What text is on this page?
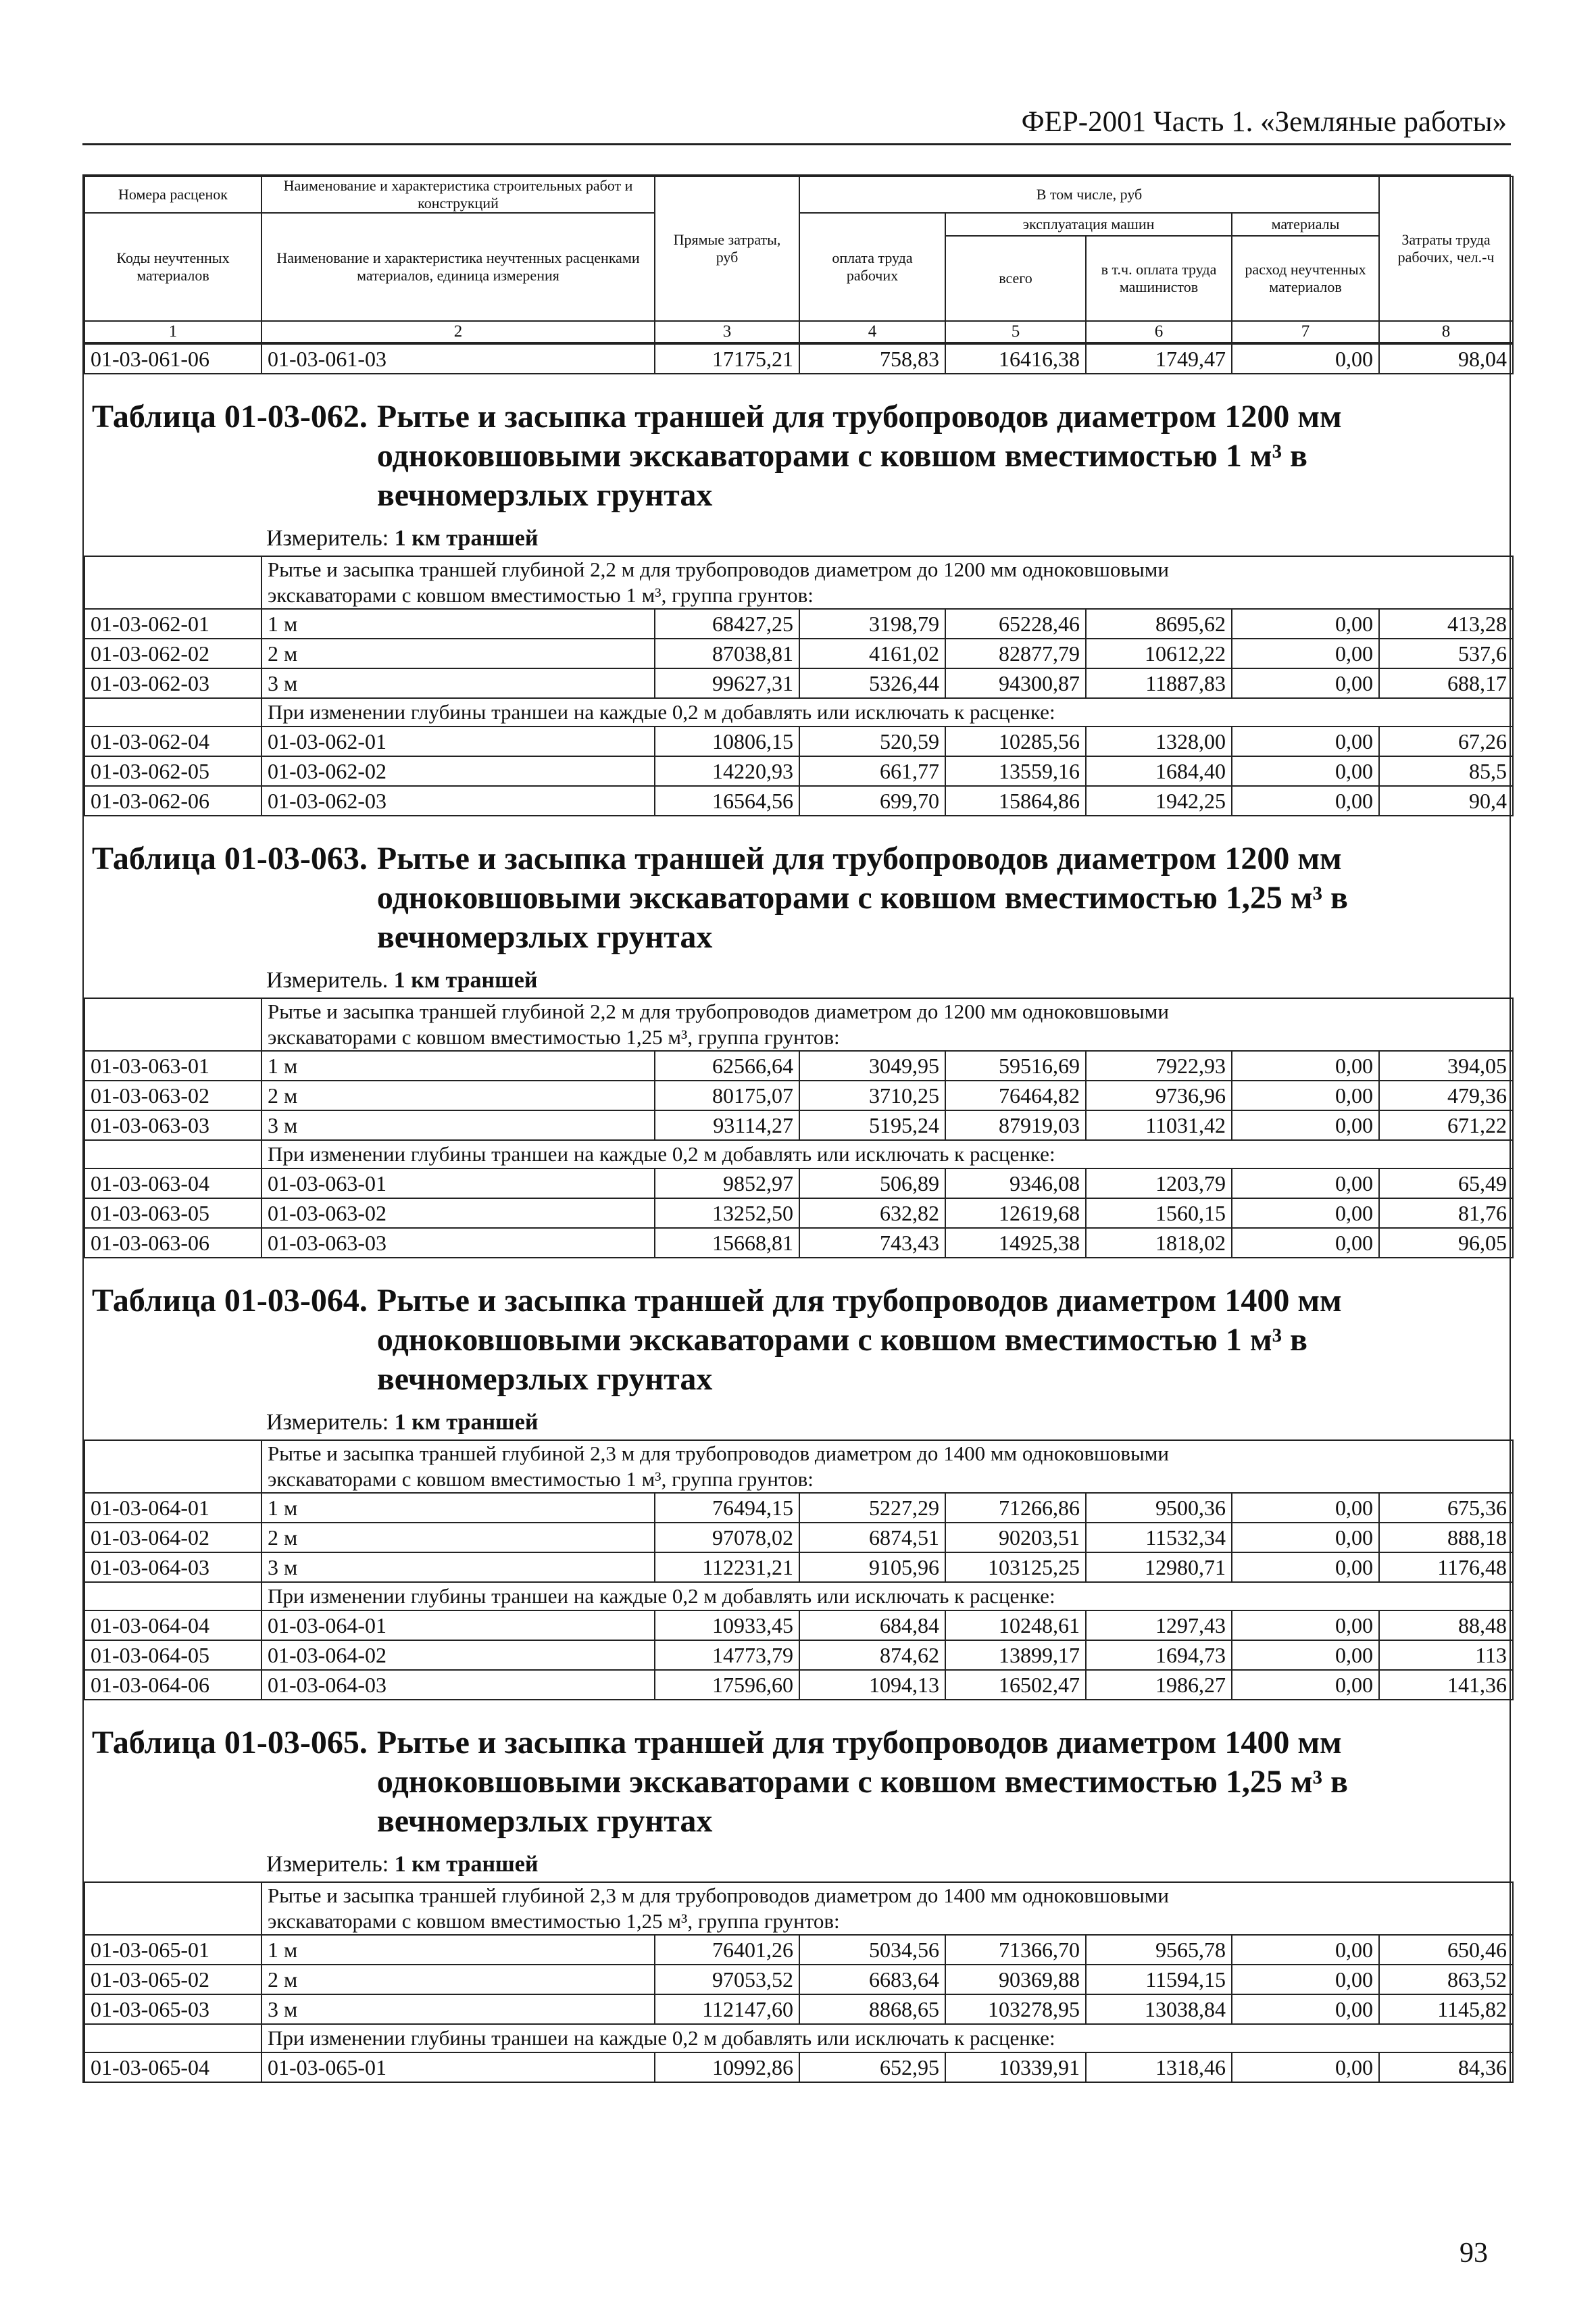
ФЕР-2001 Часть 1. «Земляные работы»
Номера расценок	Наименование и характеристика строительных работ и конструкций	Прямые затраты, руб	В том числе, руб				Затраты труда рабочих, чел.-ч
Коды неучтенных материалов	Наименование и характеристика неучтенных расценками материалов, единица измерения		оплата труда рабочих	эксплуатация машин		материалы	
				всего	в т.ч. оплата труда машинистов	расход неучтенных материалов	
1	2	3	4	5	6	7	8
01-03-061-06	01-03-061-03	17175,21	758,83	16416,38	1749,47	0,00	98,04
Таблица 01-03-062. Рытье и засыпка траншей для трубопроводов диаметром 1200 мм
одноковшовыми экскаваторами с ковшом вместимостью 1 м³ в
вечномерзлых грунтах
Измеритель: 1 км траншей

	Рытье и засыпка траншей глубиной 2,2 м для трубопроводов диаметром до 1200 мм одноковшовыми
экскаваторами с ковшом вместимостью 1 м³, группа грунтов:						

01-03-062-01	1 м	68427,25	3198,79	65228,46	8695,62	0,00	413,28
01-03-062-02	2 м	87038,81	4161,02	82877,79	10612,22	0,00	537,6
01-03-062-03	3 м	99627,31	5326,44	94300,87	11887,83	0,00	688,17
	При изменении глубины траншеи на каждые 0,2 м добавлять или исключать к расценке:						
01-03-062-04	01-03-062-01	10806,15	520,59	10285,56	1328,00	0,00	67,26
01-03-062-05	01-03-062-02	14220,93	661,77	13559,16	1684,40	0,00	85,5
01-03-062-06	01-03-062-03	16564,56	699,70	15864,86	1942,25	0,00	90,4
Таблица 01-03-063. Рытье и засыпка траншей для трубопроводов диаметром 1200 мм
одноковшовыми экскаваторами с ковшом вместимостью 1,25 м³ в
вечномерзлых грунтах
Измеритель. 1 км траншей

	Рытье и засыпка траншей глубиной 2,2 м для трубопроводов диаметром до 1200 мм одноковшовыми
экскаваторами с ковшом вместимостью 1,25 м³, группа грунтов:						

01-03-063-01	1 м	62566,64	3049,95	59516,69	7922,93	0,00	394,05
01-03-063-02	2 м	80175,07	3710,25	76464,82	9736,96	0,00	479,36
01-03-063-03	3 м	93114,27	5195,24	87919,03	11031,42	0,00	671,22
	При изменении глубины траншеи на каждые 0,2 м добавлять или исключать к расценке:						
01-03-063-04	01-03-063-01	9852,97	506,89	9346,08	1203,79	0,00	65,49
01-03-063-05	01-03-063-02	13252,50	632,82	12619,68	1560,15	0,00	81,76
01-03-063-06	01-03-063-03	15668,81	743,43	14925,38	1818,02	0,00	96,05
Таблица 01-03-064. Рытье и засыпка траншей для трубопроводов диаметром 1400 мм
одноковшовыми экскаваторами с ковшом вместимостью 1 м³ в
вечномерзлых грунтах
Измеритель: 1 км траншей

	Рытье и засыпка траншей глубиной 2,3 м для трубопроводов диаметром до 1400 мм одноковшовыми
экскаваторами с ковшом вместимостью 1 м³, группа грунтов:						

01-03-064-01	1 м	76494,15	5227,29	71266,86	9500,36	0,00	675,36
01-03-064-02	2 м	97078,02	6874,51	90203,51	11532,34	0,00	888,18
01-03-064-03	3 м	112231,21	9105,96	103125,25	12980,71	0,00	1176,48
	При изменении глубины траншеи на каждые 0,2 м добавлять или исключать к расценке:						
01-03-064-04	01-03-064-01	10933,45	684,84	10248,61	1297,43	0,00	88,48
01-03-064-05	01-03-064-02	14773,79	874,62	13899,17	1694,73	0,00	113
01-03-064-06	01-03-064-03	17596,60	1094,13	16502,47	1986,27	0,00	141,36
Таблица 01-03-065. Рытье и засыпка траншей для трубопроводов диаметром 1400 мм
одноковшовыми экскаваторами с ковшом вместимостью 1,25 м³ в
вечномерзлых грунтах
Измеритель: 1 км траншей

	Рытье и засыпка траншей глубиной 2,3 м для трубопроводов диаметром до 1400 мм одноковшовыми
экскаваторами с ковшом вместимостью 1,25 м³, группа грунтов:						

01-03-065-01	1 м	76401,26	5034,56	71366,70	9565,78	0,00	650,46
01-03-065-02	2 м	97053,52	6683,64	90369,88	11594,15	0,00	863,52
01-03-065-03	3 м	112147,60	8868,65	103278,95	13038,84	0,00	1145,82
	При изменении глубины траншеи на каждые 0,2 м добавлять или исключать к расценке:						
01-03-065-04	01-03-065-01	10992,86	652,95	10339,91	1318,46	0,00	84,36
93
